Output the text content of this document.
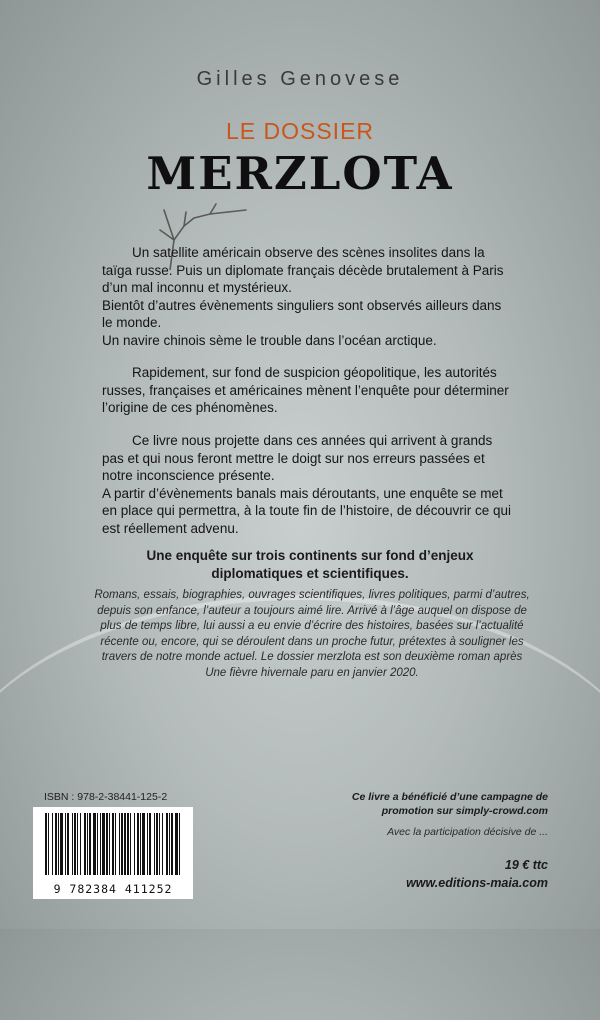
Gilles Genovese
LE DOSSIER
MERZLOTA

Un satellite américain observe des scènes insolites dans la taïga russe. Puis un diplomate français décède brutalement à Paris d’un mal inconnu et mystérieux.

Bientôt d’autres évènements singuliers sont observés ailleurs dans le monde.

Un navire chinois sème le trouble dans l’océan arctique.

Rapidement, sur fond de suspicion géopolitique, les autorités russes, françaises et américaines mènent l’enquête pour déterminer l’origine de ces phénomènes.

Ce livre nous projette dans ces années qui arrivent à grands pas et qui nous feront mettre le doigt sur nos erreurs passées et notre inconscience présente.

A partir d’évènements banals mais déroutants, une enquête se met en place qui permettra, à la toute fin de l’histoire, de découvrir ce qui est réellement advenu.

Une enquête sur trois continents sur fond d’enjeux diplomatiques et scientifiques.
Romans, essais, biographies, ouvrages scientifiques, livres politiques, parmi d’autres, depuis son enfance, l’auteur a toujours aimé lire. Arrivé à l’âge auquel on dispose de plus de temps libre, lui aussi a eu envie d’écrire des histoires, basées sur l’actualité récente ou, encore, qui se déroulent dans un proche futur, prétextes à souligner les travers de notre monde actuel. Le dossier merzlota est son deuxième roman après Une fièvre hivernale paru en janvier 2020.
ISBN : 978-2-38441-125-2
9 782384 411252
Ce livre a bénéficié d’une campagne de promotion sur simply-crowd.com
Avec la participation décisive de ...
19 € ttc
www.editions-maia.com
